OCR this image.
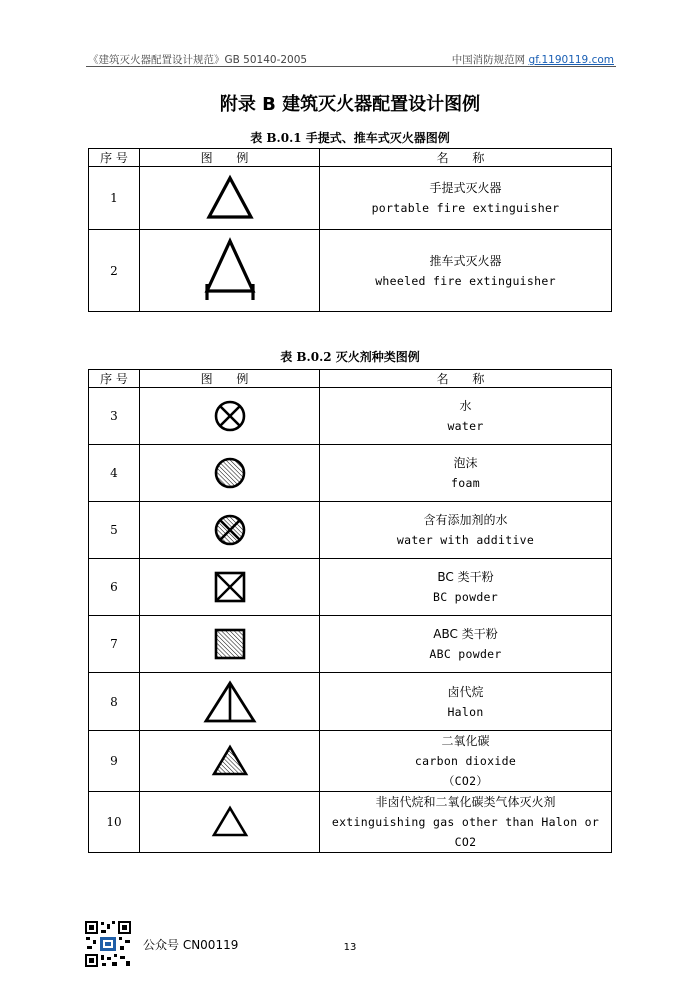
《建筑灭火器配置设计规范》GB 50140-2005	中国消防规范网 gf.1190119.com
附录 B 建筑灭火器配置设计图例
表 B.0.1 手提式、推车式灭火器图例
序 号	图 例	名 称
1		手提式灭火器
portable fire extinguisher

2		推车式灭火器
wheeled fire extinguisher
表 B.0.2 灭火剂种类图例
序 号	图 例	名 称
3		水
water

4		泡沫
foam

5		含有添加剂的水
water with additive

6		BC 类干粉
BC powder

7		ABC 类干粉
ABC powder

8		卤代烷
Halon

9		二氧化碳
carbon dioxide
（CO2）

10		非卤代烷和二氧化碳类气体灭火剂
extinguishing gas other than Halon or CO2
公众号 CN00119	13
